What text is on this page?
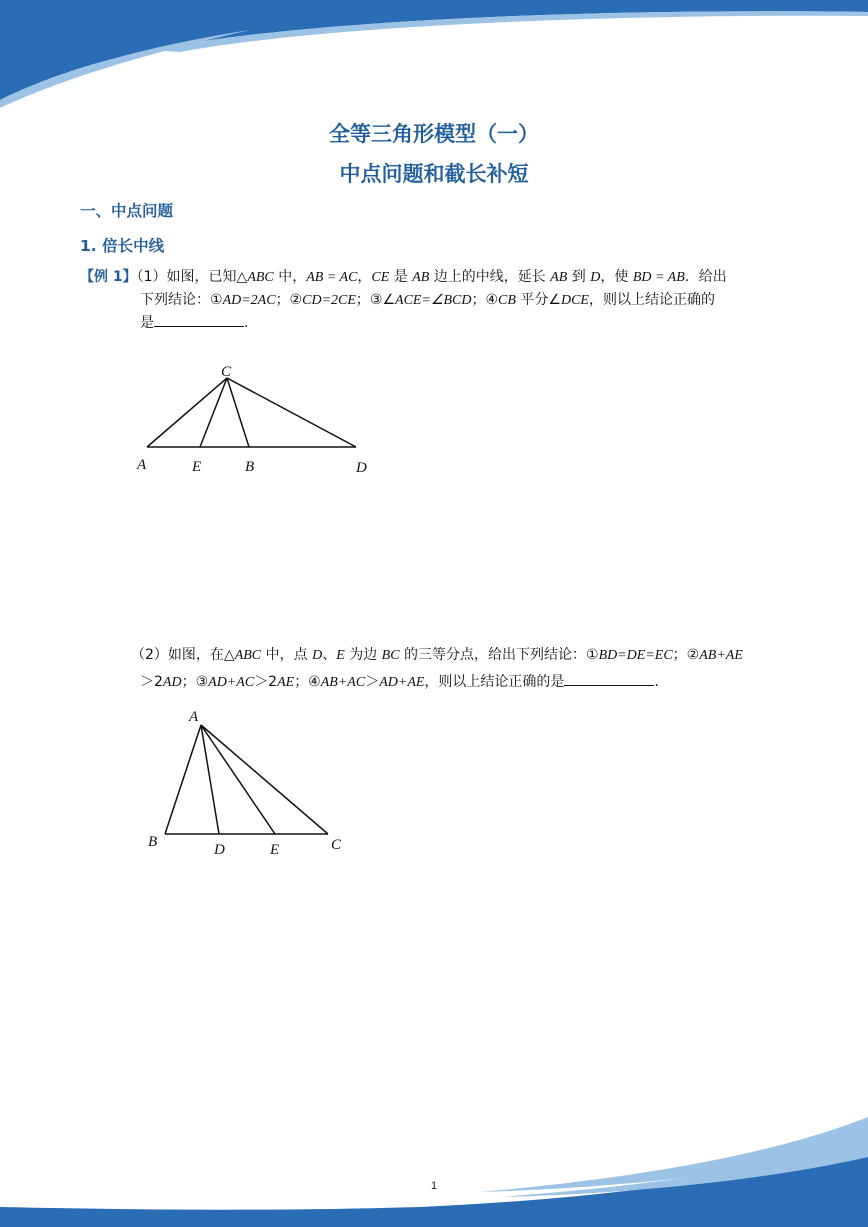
全等三角形模型（一）
中点问题和截长补短
一、中点问题
1. 倍长中线
【例 1】（1）如图，已知△ABC 中，AB = AC，CE 是 AB 边上的中线，延长 AB 到 D，使 BD = AB．给出
下列结论：①AD=2AC；②CD=2CE；③∠ACE=∠BCD；④CB 平分∠DCE，则以上结论正确的
是	.
A	E	B	D
C
（2）如图，在△ABC 中，点 D、E 为边 BC 的三等分点，给出下列结论：①BD=DE=EC；②AB+AE
＞2AD；③AD+AC＞2AE；④AB+AC＞AD+AE，则以上结论正确的是	.
A
B	D	E	C
1
